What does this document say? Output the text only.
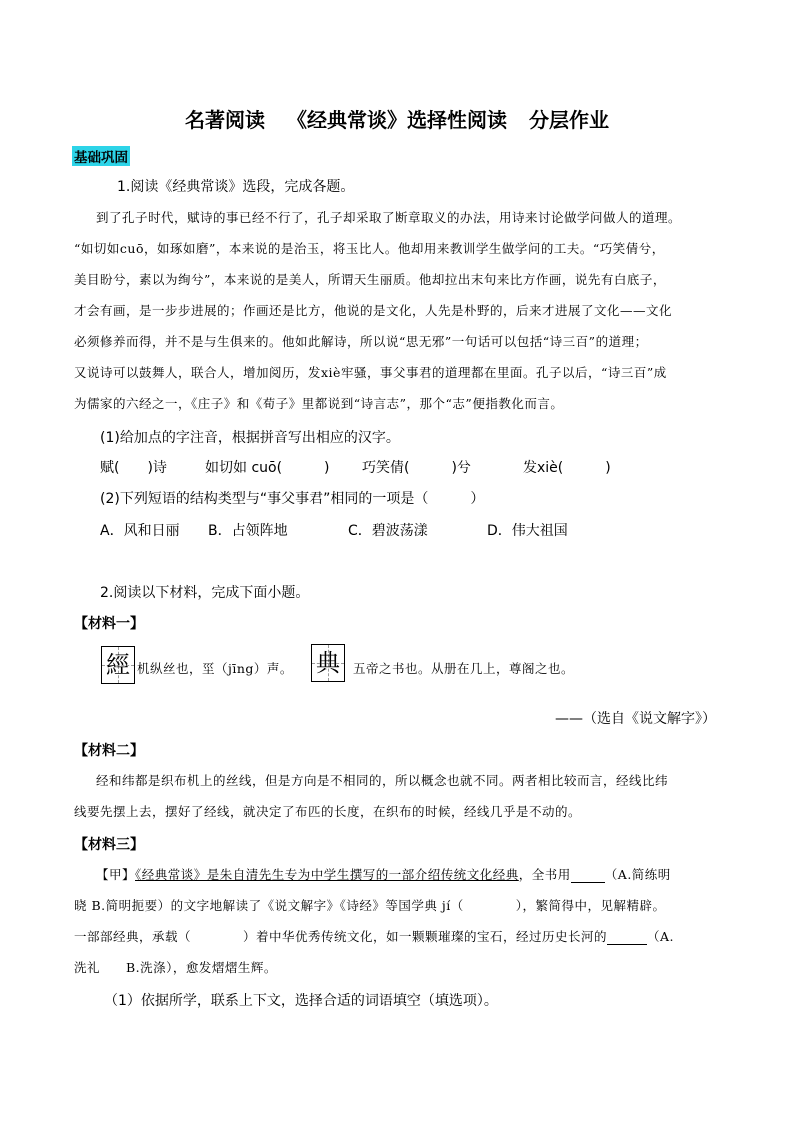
名著阅读 《经典常谈》选择性阅读 分层作业
基础巩固
1.阅读《经典常谈》选段，完成各题。
到了孔子时代，赋诗的事已经不行了，孔子却采取了断章取义的办法，用诗来讨论做学问做人的道理。
“如切如cuō，如琢如磨”，本来说的是治玉，将玉比人。他却用来教训学生做学问的工夫。“巧笑倩兮，
美目盼兮，素以为绚兮”，本来说的是美人，所谓天生丽质。他却拉出末句来比方作画，说先有白底子，
才会有画，是一步步进展的；作画还是比方，他说的是文化，人先是朴野的，后来才进展了文化——文化
必须修养而得，并不是与生俱来的。他如此解诗，所以说“思无邪”一句话可以包括“诗三百”的道理；
又说诗可以鼓舞人，联合人，增加阅历，发xiè牢骚，事父事君的道理都在里面。孔子以后，“诗三百”成
为儒家的六经之一，《庄子》和《荀子》里都说到“诗言志”，那个“志”便指教化而言。
(1)给加点的字注音，根据拼音写出相应的汉字。
赋(　　)诗	如切如 cuō(　　　) 巧笑倩(　　　)兮	发xiè(　　　)
(2)下列短语的结构类型与“事父事君”相同的一项是（　　　）
A．风和日丽 B．占领阵地	C．碧波荡漾	D．伟大祖国
2.阅读以下材料，完成下面小题。
【材料一】
經 机纵丝也，坙（jīng）声。 典	五帝之书也。从册在几上，尊阁之也。
——（选自《说文解字》）
【材料二】
经和纬都是织布机上的丝线，但是方向是不相同的，所以概念也就不同。两者相比较而言，经线比纬
线要先摆上去，摆好了经线，就决定了布匹的长度，在织布的时候，经线几乎是不动的。
【材料三】
【甲】《经典常谈》是朱自清先生专为中学生撰写的一部介绍传统文化经典，全书用	（A.简练明
晓 B.简明扼要）的文字地解读了《说文解字》《诗经》等国学典 jí（　　　　），繁简得中，见解精辟。
一部部经典，承载（　　　　）着中华优秀传统文化，如一颗颗璀璨的宝石，经过历史长河的	（A.
洗礼　　B.洗涤），愈发熠熠生辉。
（1）依据所学，联系上下文，选择合适的词语填空（填选项）。
